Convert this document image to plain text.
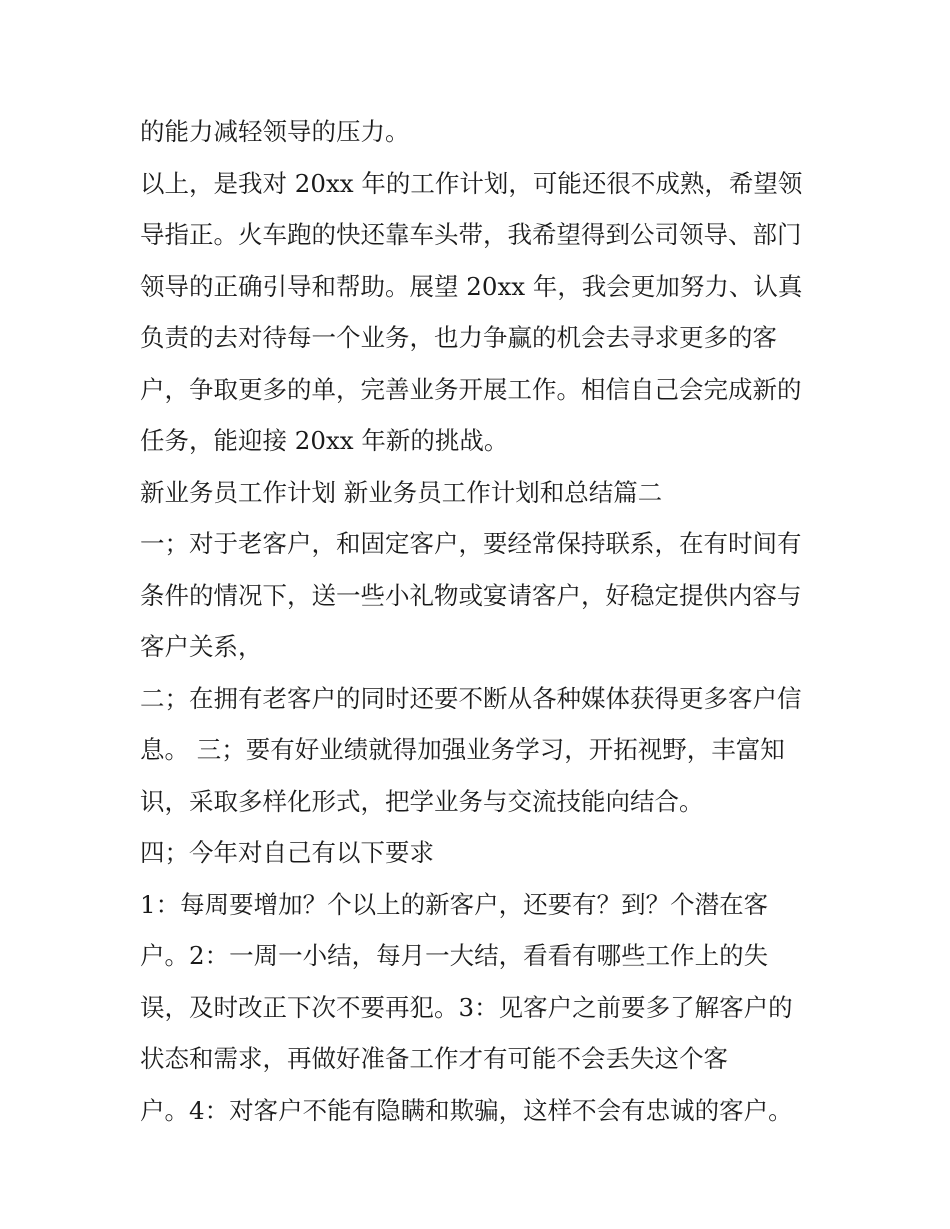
的能力减轻领导的压力。

以上，是我对 20xx 年的工作计划，可能还很不成熟，希望领

导指正。火车跑的快还靠车头带，我希望得到公司领导、部门

领导的正确引导和帮助。展望 20xx 年，我会更加努力、认真

负责的去对待每一个业务，也力争赢的机会去寻求更多的客

户，争取更多的单，完善业务开展工作。相信自己会完成新的

任务，能迎接 20xx 年新的挑战。

新业务员工作计划 新业务员工作计划和总结篇二

一；对于老客户，和固定客户，要经常保持联系，在有时间有

条件的情况下，送一些小礼物或宴请客户，好稳定提供内容与

客户关系，

二；在拥有老客户的同时还要不断从各种媒体获得更多客户信

息。 三；要有好业绩就得加强业务学习，开拓视野，丰富知

识，采取多样化形式，把学业务与交流技能向结合。

四；今年对自己有以下要求

1：每周要增加？个以上的新客户，还要有？到？个潜在客

户。2：一周一小结，每月一大结，看看有哪些工作上的失

误，及时改正下次不要再犯。3：见客户之前要多了解客户的

状态和需求，再做好准备工作才有可能不会丢失这个客

户。4：对客户不能有隐瞒和欺骗，这样不会有忠诚的客户。
